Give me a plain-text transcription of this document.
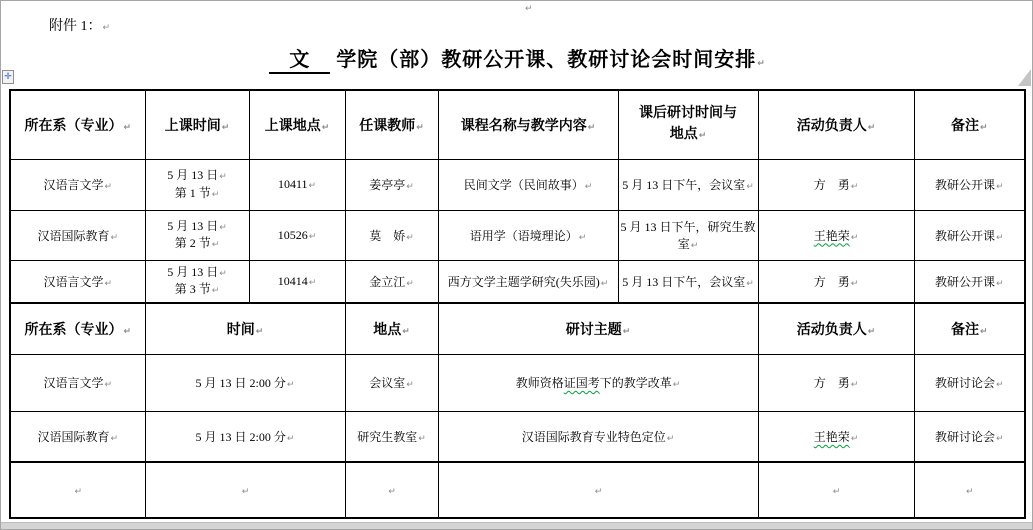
附件 1：↵
↵
文 学院（部）教研公开课、教研讨论会时间安排↵
✛
所在系（专业）↵	上课时间↵	上课地点↵	任课教师↵	课程名称与教学内容↵	课后研讨时间与
地点↵	活动负责人↵	备注↵
汉语言文学↵	5 月 13 日↵
第 1 节↵	10411↵	姜亭亭↵	民间文学（民间故事）↵	5 月 13 日下午，会议室↵	方　勇↵	教研公开课↵
汉语国际教育↵	5 月 13 日↵
第 2 节↵	10526↵	莫　娇↵	语用学（语境理论）↵	5 月 13 日下午，研究生教室↵	王艳荣↵	教研公开课↵
汉语言文学↵	5 月 13 日↵
第 3 节↵	10414↵	金立江↵	西方文学主题学研究(失乐园)↵	5 月 13 日下午，会议室↵	方　勇↵	教研公开课↵
所在系（专业）↵	时间↵		地点↵	研讨主题↵		活动负责人↵	备注↵
汉语言文学↵	5 月 13 日 2:00 分↵		会议室↵	教师资格证国考下的教学改革↵		方　勇↵	教研讨论会↵
汉语国际教育↵	5 月 13 日 2:00 分↵		研究生教室↵	汉语国际教育专业特色定位↵		王艳荣↵	教研讨论会↵
↵	↵		↵	↵		↵	↵
